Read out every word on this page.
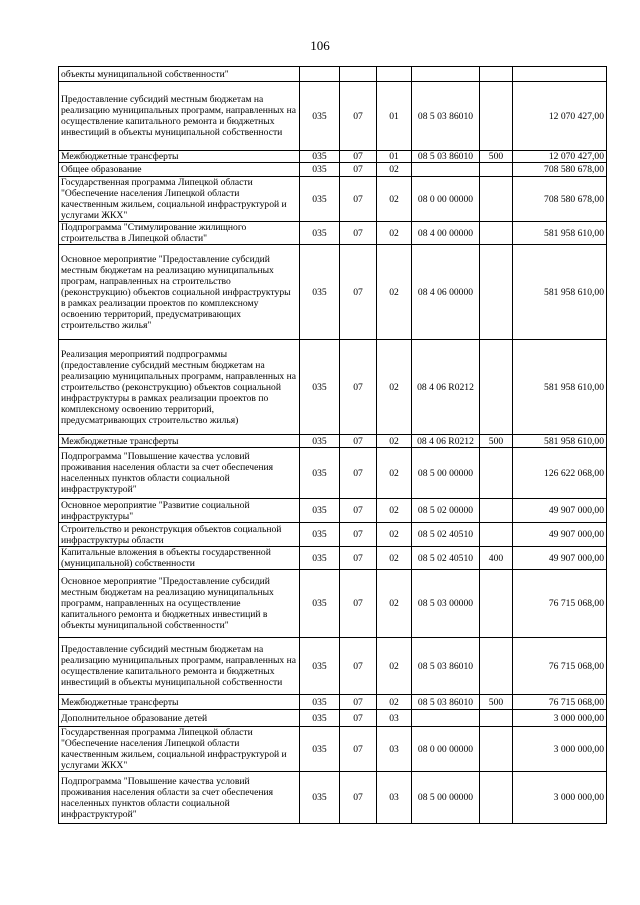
106
объекты муниципальной собственности"						
Предоставление субсидий местным бюджетам на реализацию муниципальных программ, направленных на осуществление капитального ремонта и бюджетных инвестиций в объекты муниципальной собственности	035	07	01	08 5 03 86010		12 070 427,00
Межбюджетные трансферты	035	07	01	08 5 03 86010	500	12 070 427,00
Общее образование	035	07	02			708 580 678,00
Государственная программа Липецкой области "Обеспечение населения Липецкой области качественным жильем, социальной инфраструктурой и услугами ЖКХ"	035	07	02	08 0 00 00000		708 580 678,00
Подпрограмма "Стимулирование жилищного строительства в Липецкой области"	035	07	02	08 4 00 00000		581 958 610,00
Основное мероприятие "Предоставление субсидий местным бюджетам на реализацию муниципальных програм, направленных на строительство (реконструкцию) объектов социальной инфраструктуры в рамках реализации проектов по комплексному освоению территорий, предусматривающих строительство жилья"	035	07	02	08 4 06 00000		581 958 610,00
Реализация мероприятий подпрограммы (предоставление субсидий местным бюджетам на реализацию муниципальных программ, направленных на строительство (реконструкцию) объектов социальной инфраструктуры в рамках реализации проектов по комплексному освоению территорий, предусматривающих строительство жилья)	035	07	02	08 4 06 R0212		581 958 610,00
Межбюджетные трансферты	035	07	02	08 4 06 R0212	500	581 958 610,00
Подпрограмма "Повышение качества условий проживания населения области за счет обеспечения населенных пунктов области социальной инфраструктурой"	035	07	02	08 5 00 00000		126 622 068,00
Основное мероприятие "Развитие социальной инфраструктуры"	035	07	02	08 5 02 00000		49 907 000,00
Строительство и реконструкция объектов социальной инфраструктуры области	035	07	02	08 5 02 40510		49 907 000,00
Капитальные вложения в объекты государственной (муниципальной) собственности	035	07	02	08 5 02 40510	400	49 907 000,00
Основное мероприятие "Предоставление субсидий местным бюджетам на реализацию муниципальных программ, направленных на осуществление капитального ремонта и бюджетных инвестиций в объекты муниципальной собственности"	035	07	02	08 5 03 00000		76 715 068,00
Предоставление субсидий местным бюджетам на реализацию муниципальных программ, направленных на осуществление капитального ремонта и бюджетных инвестиций в объекты муниципальной собственности	035	07	02	08 5 03 86010		76 715 068,00
Межбюджетные трансферты	035	07	02	08 5 03 86010	500	76 715 068,00
Дополнительное образование детей	035	07	03			3 000 000,00
Государственная программа Липецкой области "Обеспечение населения Липецкой области качественным жильем, социальной инфраструктурой и услугами ЖКХ"	035	07	03	08 0 00 00000		3 000 000,00
Подпрограмма "Повышение качества условий проживания населения области за счет обеспечения населенных пунктов области социальной инфраструктурой"	035	07	03	08 5 00 00000		3 000 000,00
